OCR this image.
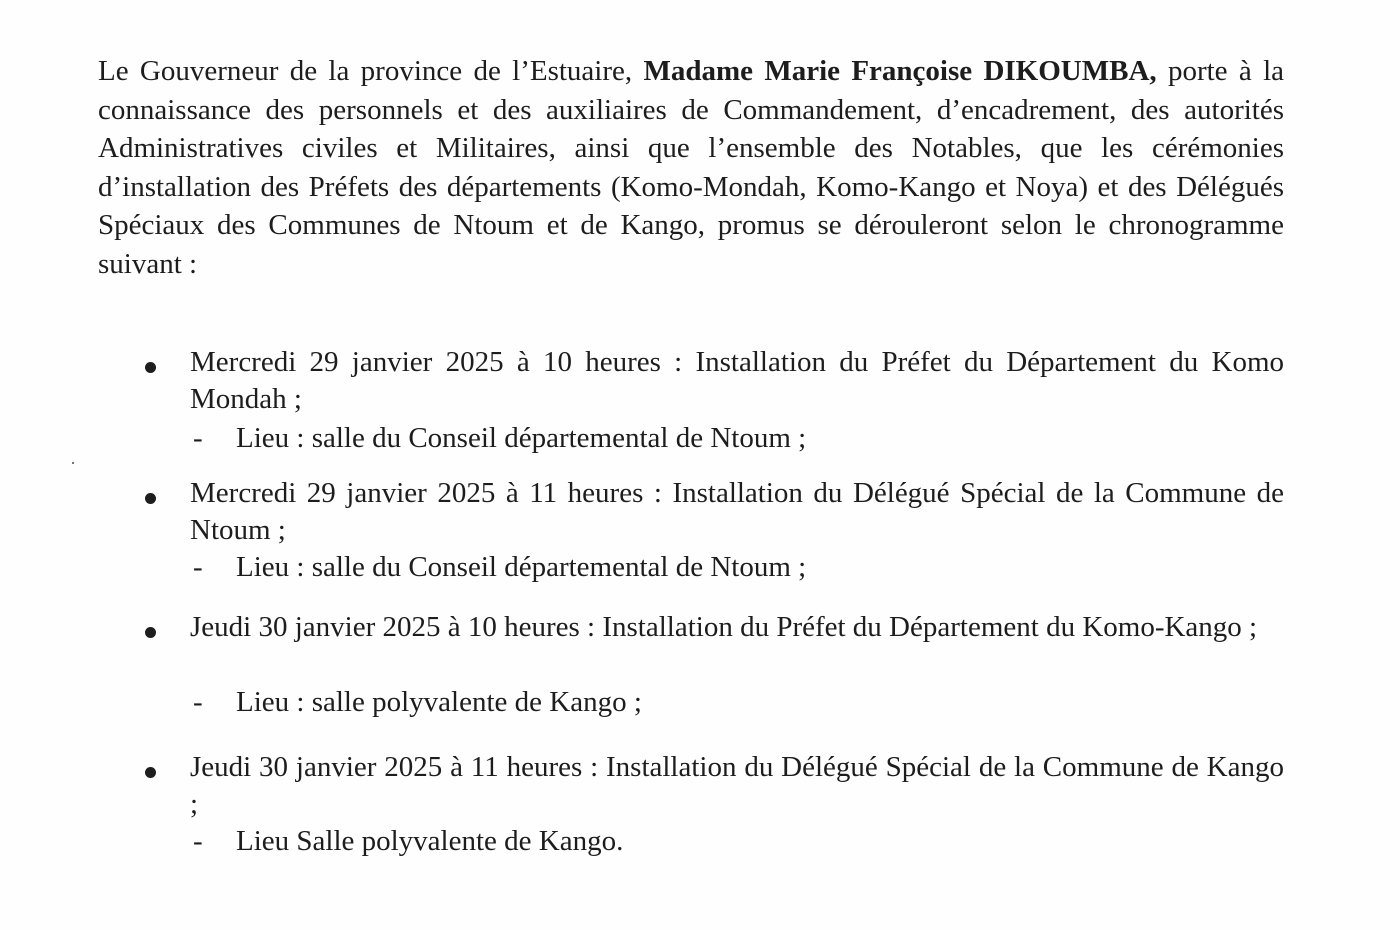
Le Gouverneur de la province de l’Estuaire, Madame Marie Françoise DIKOUMBA, porte à la connaissance des personnels et des auxiliaires de Commandement, d’encadrement, des autorités Administratives civiles et Militaires, ainsi que l’ensemble des Notables, que les cérémonies d’installation des Préfets des départements (Komo-Mondah, Komo-Kango et Noya) et des Délégués Spéciaux des Communes de Ntoum et de Kango, promus se dérouleront selon le chronogramme suivant :

Mercredi 29 janvier 2025 à 10 heures : Installation du Préfet du Département du Komo Mondah ;

- Lieu : salle du Conseil départemental de Ntoum ;

Mercredi 29 janvier 2025 à 11 heures : Installation du Délégué Spécial de la Commune de Ntoum ;

- Lieu : salle du Conseil départemental de Ntoum ;

Jeudi 30 janvier 2025 à 10 heures : Installation du Préfet du Département du Komo-Kango ;

- Lieu : salle polyvalente de Kango ;

Jeudi 30 janvier 2025 à 11 heures : Installation du Délégué Spécial de la Commune de Kango ;

- Lieu Salle polyvalente de Kango.
